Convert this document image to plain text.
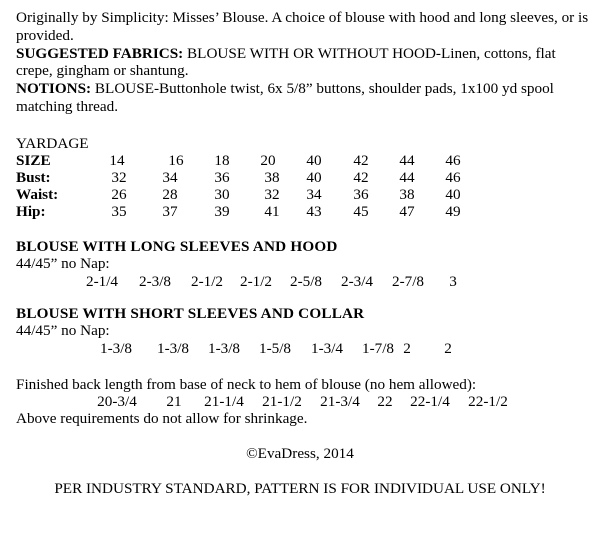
Originally by Simplicity: Misses’ Blouse. A choice of blouse with hood and long sleeves, or is provided.

SUGGESTED FABRICS: BLOUSE WITH OR WITHOUT HOOD-Linen, cottons, flat crepe, gingham or shantung.

NOTIONS: BLOUSE-Buttonhole twist, 6x 5/8” buttons, shoulder pads, 1x100 yd spool matching thread.

YARDAGE
SIZE	14	16	18	20	40	42	44	46
Bust:	32	34	36	38	40	42	44	46
Waist:	26	28	30	32	34	36	38	40
Hip:	35	37	39	41	43	45	47	49
BLOUSE WITH LONG SLEEVES AND HOOD
44/45” no Nap:
2-1/4	2-3/8	2-1/2	2-1/2	2-5/8	2-3/4	2-7/8	3
BLOUSE WITH SHORT SLEEVES AND COLLAR
44/45” no Nap:
1-3/8	1-3/8	1-3/8	1-5/8	1-3/4	1-7/8 2	2
Finished back length from base of neck to hem of blouse (no hem allowed):
20-3/4	21	21-1/4	21-1/2	21-3/4	22	22-1/4	22-1/2
Above requirements do not allow for shrinkage.
©EvaDress, 2014
PER INDUSTRY STANDARD, PATTERN IS FOR INDIVIDUAL USE ONLY!
